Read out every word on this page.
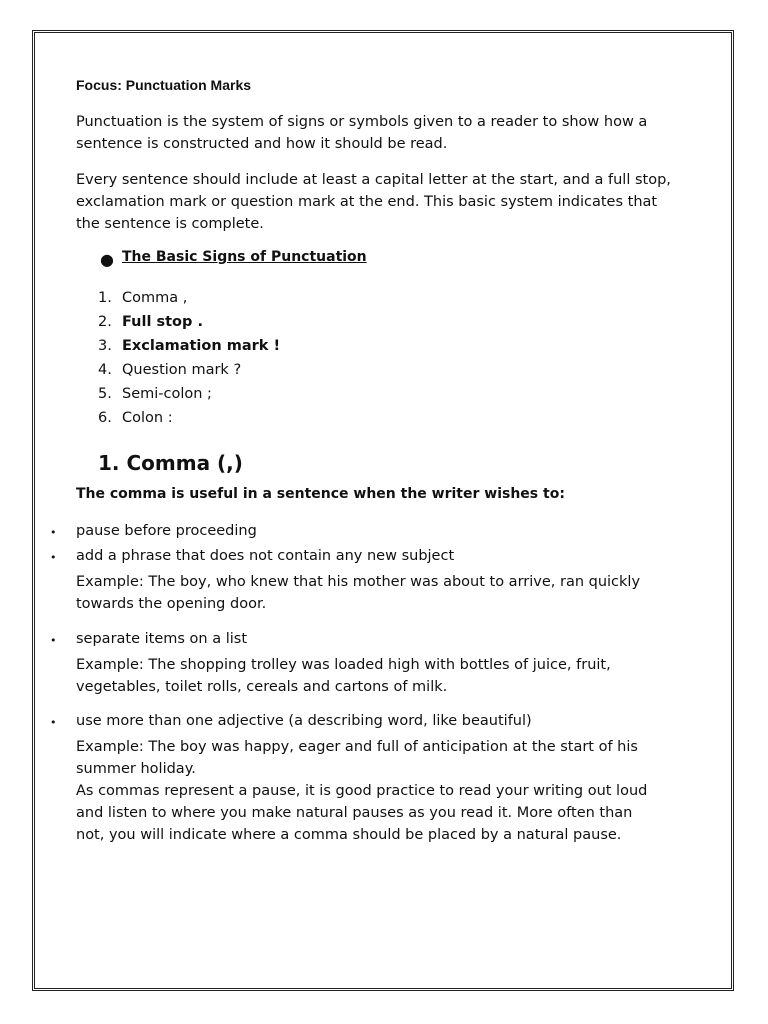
Focus: Punctuation Marks
Punctuation is the system of signs or symbols given to a reader to show how a
sentence is constructed and how it should be read.
Every sentence should include at least a capital letter at the start, and a full stop,
exclamation mark or question mark at the end. This basic system indicates that
the sentence is complete.
● The Basic Signs of Punctuation
1. Comma ,
2. Full stop .
3. Exclamation mark !
4. Question mark ?
5. Semi-colon ;
6. Colon :
1. Comma (,)
The comma is useful in a sentence when the writer wishes to:
• pause before proceeding
• add a phrase that does not contain any new subject
Example: The boy, who knew that his mother was about to arrive, ran quickly
towards the opening door.
• separate items on a list
Example: The shopping trolley was loaded high with bottles of juice, fruit,
vegetables, toilet rolls, cereals and cartons of milk.
• use more than one adjective (a describing word, like beautiful)
Example: The boy was happy, eager and full of anticipation at the start of his
summer holiday.
As commas represent a pause, it is good practice to read your writing out loud
and listen to where you make natural pauses as you read it. More often than
not, you will indicate where a comma should be placed by a natural pause.
